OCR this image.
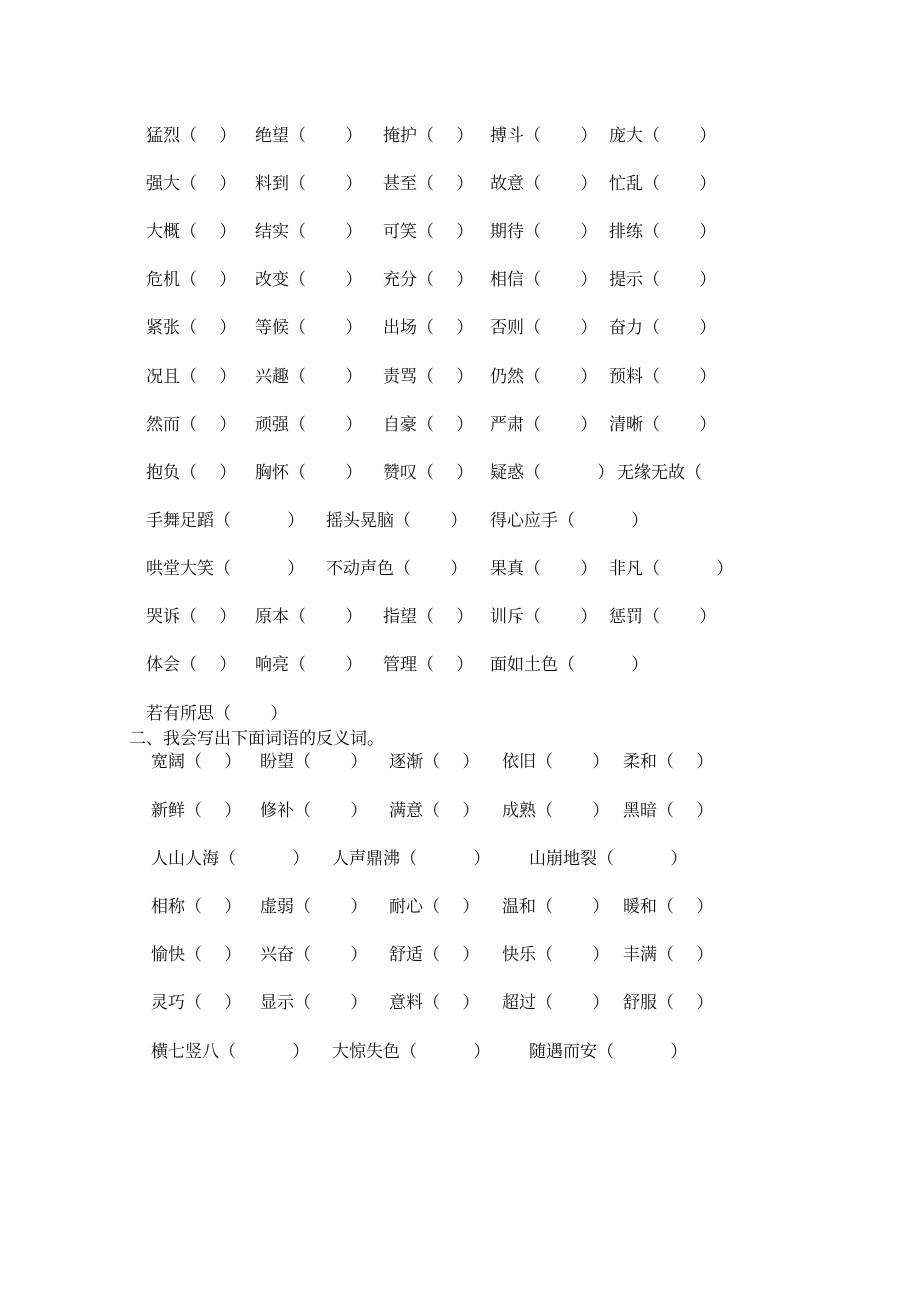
猛烈（　 ） 绝望（　　 ） 掩护（　 ） 搏斗（　　 ） 庞大（　　 ）
强大（　 ） 料到（　　 ） 甚至（　 ） 故意（　　 ） 忙乱（　　 ）
大概（　 ） 结实（　　 ） 可笑（　 ） 期待（　　 ） 排练（　　 ）
危机（　 ） 改变（　　 ） 充分（　 ） 相信（　　 ） 提示（　　 ）
紧张（　 ） 等候（　　 ） 出场（　 ） 否则（　　 ） 奋力（　　 ）
况且（　 ） 兴趣（　　 ） 责骂（　 ） 仍然（　　 ） 预料（　　 ）
然而（　 ） 顽强（　　 ） 自豪（　 ） 严肃（　　 ） 清晰（　　 ）
抱负（　 ） 胸怀（　　 ） 赞叹（　 ） 疑惑（　　　 ） 无缘无故（
手舞足蹈（　　　 ） 摇头晃脑（　　 ） 得心应手（　　　 ）
哄堂大笑（　　　 ） 不动声色（　　 ） 果真（　　 ） 非凡（　　　 ）
哭诉（　 ） 原本（　　 ） 指望（　 ） 训斥（　　 ） 惩罚（　　 ）
体会（　 ） 响亮（　　 ） 管理（　 ） 面如土色（　　　 ）
若有所思（　　 ）
二、我会写出下面词语的反义词。
宽阔（　 ） 盼望（　　 ） 逐渐（　 ） 依旧（　　 ） 柔和（　 ）
新鲜（　 ） 修补（　　 ） 满意（　 ） 成熟（　　 ） 黑暗（　 ）
人山人海（　　　 ） 人声鼎沸（　　　 ） 山崩地裂（　　　 ）
相称（　 ） 虚弱（　　 ） 耐心（　 ） 温和（　　 ） 暖和（　 ）
愉快（　 ） 兴奋（　　 ） 舒适（　 ） 快乐（　　 ） 丰满（　 ）
灵巧（　 ） 显示（　　 ） 意料（　 ） 超过（　　 ） 舒服（　 ）
横七竖八（　　　 ） 大惊失色（　　　 ） 随遇而安（　　　 ）
